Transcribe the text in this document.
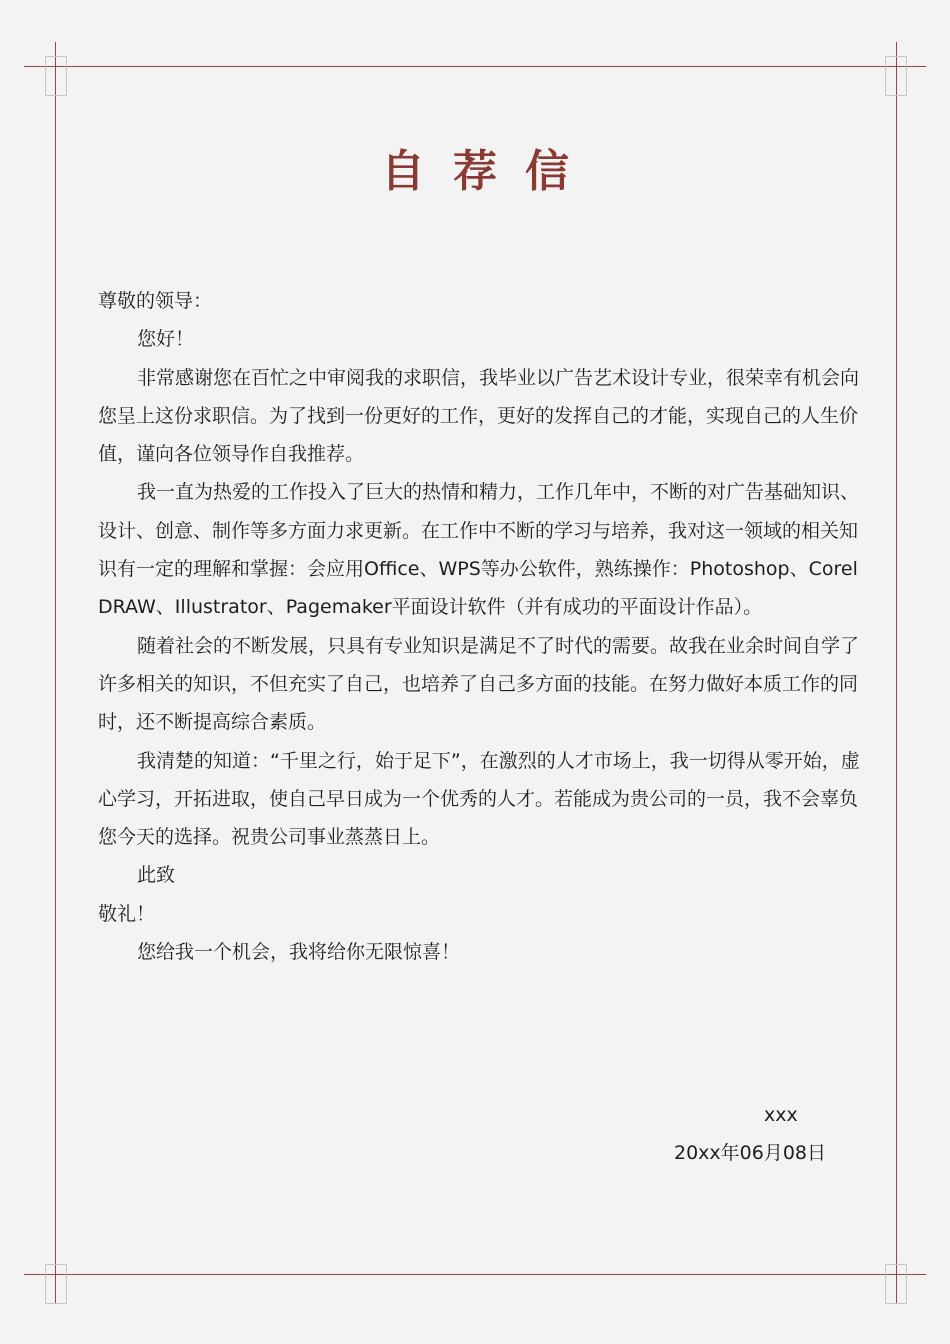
自荐信

尊敬的领导：

您好！

非常感谢您在百忙之中审阅我的求职信，我毕业以广告艺术设计专业，很荣幸有机会向您呈上这份求职信。为了找到一份更好的工作，更好的发挥自己的才能，实现自己的人生价值，谨向各位领导作自我推荐。

我一直为热爱的工作投入了巨大的热情和精力，工作几年中，不断的对广告基础知识、设计、创意、制作等多方面力求更新。在工作中不断的学习与培养，我对这一领域的相关知识有一定的理解和掌握：会应用Office、WPS等办公软件，熟练操作：Photoshop、CorelDRAW、Illustrator、Pagemaker平面设计软件（并有成功的平面设计作品）。

随着社会的不断发展，只具有专业知识是满足不了时代的需要。故我在业余时间自学了许多相关的知识，不但充实了自己，也培养了自己多方面的技能。在努力做好本质工作的同时，还不断提高综合素质。

我清楚的知道：“千里之行，始于足下”，在激烈的人才市场上，我一切得从零开始，虚心学习，开拓进取，使自己早日成为一个优秀的人才。若能成为贵公司的一员，我不会辜负您今天的选择。祝贵公司事业蒸蒸日上。

此致

敬礼！

您给我一个机会，我将给你无限惊喜！

xxx
20xx年06月08日
